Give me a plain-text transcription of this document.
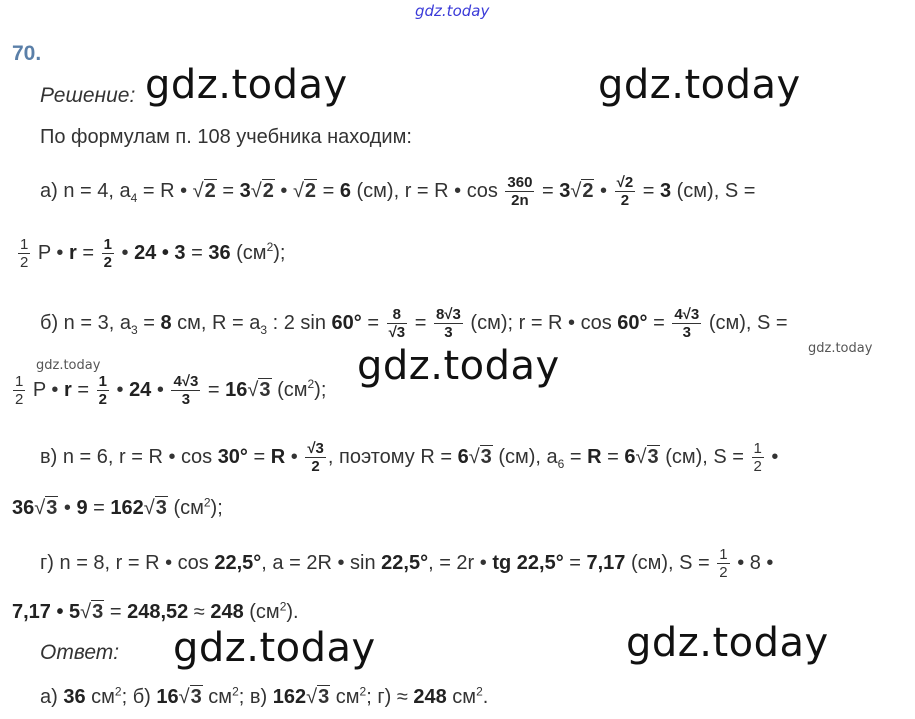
gdz.today
gdz.today	gdz.today
gdz.today
gdz.today	gdz.today
gdz.today
gdz.today
70.
Решение:
По формулам п. 108 учебника находим:
а) n = 4, $a_4 = R$ • √2 = 3√2 • √2 = 6 (см), r = R • $\cos \frac{360}{2n} = 3√2$ • $\frac{√2}{2} = 3$ (см), S =
$\frac{1}{2}$ P • $r = \frac{1}{2}$ • 24 • 3 = 36 $(см^2)$;
б) n = 3, $a_3 = 8$ см, $R = a_3$ : 2 $\sin 60^\circ = \frac{8}{√3} = \frac{8√3}{3} (см)$; r = R • $\cos 60^\circ = \frac{4√3}{3} (см)$, S =
$\frac{1}{2}$ P • $r = \frac{1}{2}$ • 24 • $\frac{4√3}{3} = 16√3$ $(см^2)$;
в) n = 6, r = R • cos 30° = R • $\frac{√3}{2}$ , поэтому R = 6√3 (см), $a_6 = R = 6√3$ (см), $S = \frac{1}{2}$ •
36√3 • 9 = 162√3 $(см^2)$;
г) n = 8, r = R • cos 22,5°, a = 2R • sin 22,5°, = 2r • tg 22,5° = 7,17 (см), $S = \frac{1}{2}$ • 8 •
7,17 • 5√3 = 248,52 ≈ 248 $(см^2)$.
Ответ:
а) 36 $см^2$; б) 16√3 $см^2$; в) 162√3 $см^2$; г) ≈ 248 $см^2$.
